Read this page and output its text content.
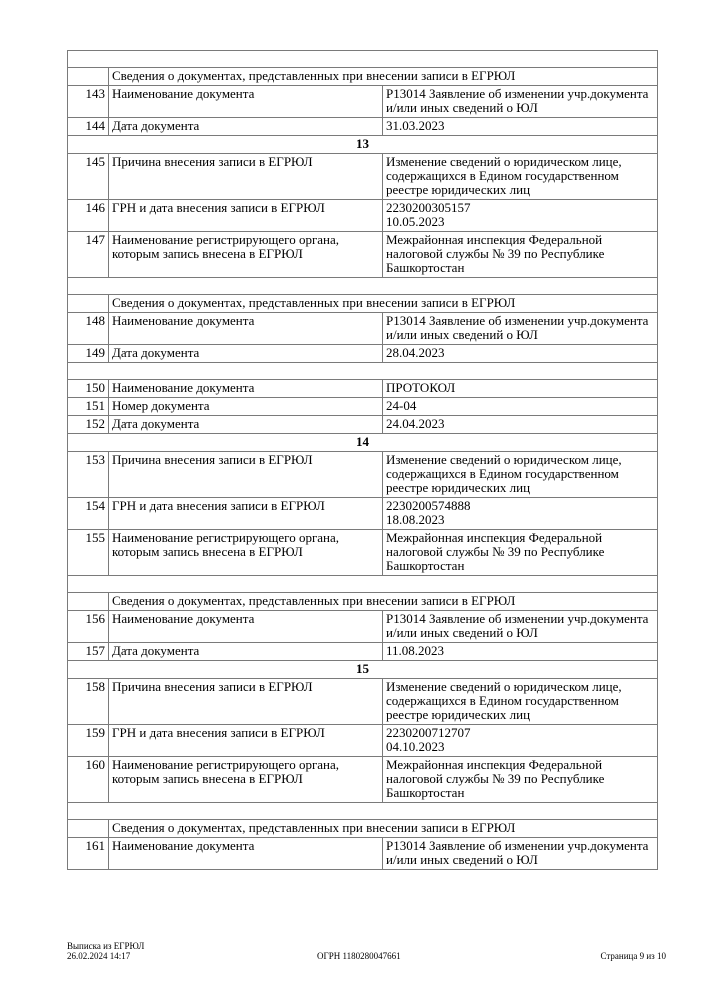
	Сведения о документах, представленных при внесении записи в ЕГРЮЛ	
143	Наименование документа	Р13014 Заявление об изменении учр.документа и/или иных сведений о ЮЛ
144	Дата документа	31.03.2023
13		
145	Причина внесения записи в ЕГРЮЛ	Изменение сведений о юридическом лице, содержащихся в Едином государственном реестре юридических лиц
146	ГРН и дата внесения записи в ЕГРЮЛ	2230200305157
10.05.2023
147	Наименование регистрирующего органа, которым запись внесена в ЕГРЮЛ	Межрайонная инспекция Федеральной налоговой службы № 39 по Республике Башкортостан

	Сведения о документах, представленных при внесении записи в ЕГРЮЛ	
148	Наименование документа	Р13014 Заявление об изменении учр.документа и/или иных сведений о ЮЛ
149	Дата документа	28.04.2023

150	Наименование документа	ПРОТОКОЛ
151	Номер документа	24-04
152	Дата документа	24.04.2023
14		
153	Причина внесения записи в ЕГРЮЛ	Изменение сведений о юридическом лице, содержащихся в Едином государственном реестре юридических лиц
154	ГРН и дата внесения записи в ЕГРЮЛ	2230200574888
18.08.2023
155	Наименование регистрирующего органа, которым запись внесена в ЕГРЮЛ	Межрайонная инспекция Федеральной налоговой службы № 39 по Республике Башкортостан

	Сведения о документах, представленных при внесении записи в ЕГРЮЛ	
156	Наименование документа	Р13014 Заявление об изменении учр.документа и/или иных сведений о ЮЛ
157	Дата документа	11.08.2023
15		
158	Причина внесения записи в ЕГРЮЛ	Изменение сведений о юридическом лице, содержащихся в Едином государственном реестре юридических лиц
159	ГРН и дата внесения записи в ЕГРЮЛ	2230200712707
04.10.2023
160	Наименование регистрирующего органа, которым запись внесена в ЕГРЮЛ	Межрайонная инспекция Федеральной налоговой службы № 39 по Республике Башкортостан

	Сведения о документах, представленных при внесении записи в ЕГРЮЛ	
161	Наименование документа	Р13014 Заявление об изменении учр.документа и/или иных сведений о ЮЛ
Выписка из ЕГРЮЛ
26.02.2024 14:17	ОГРН 1180280047661	Страница 9 из 10
